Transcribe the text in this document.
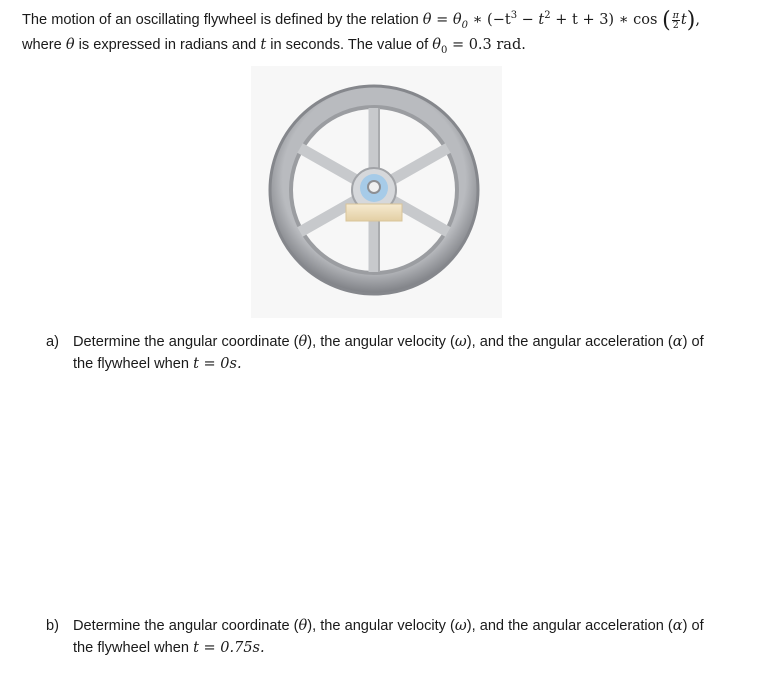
The motion of an oscillating flywheel is defined by the relation $\theta = \theta_0$ ∗ $(-t^3 - t^2 + t + 3)$ ∗ cos ( $\frac{\pi}{2} t$),
where θ is expressed in radians and t in seconds. The value of $\theta_0 = 0.3$ rad.
a) Determine the angular coordinate (θ), the angular velocity (ω), and the angular acceleration (α) of
the flywheel when t = 0s.
b) Determine the angular coordinate (θ), the angular velocity (ω), and the angular acceleration (α) of
the flywheel when t = 0.75s.
